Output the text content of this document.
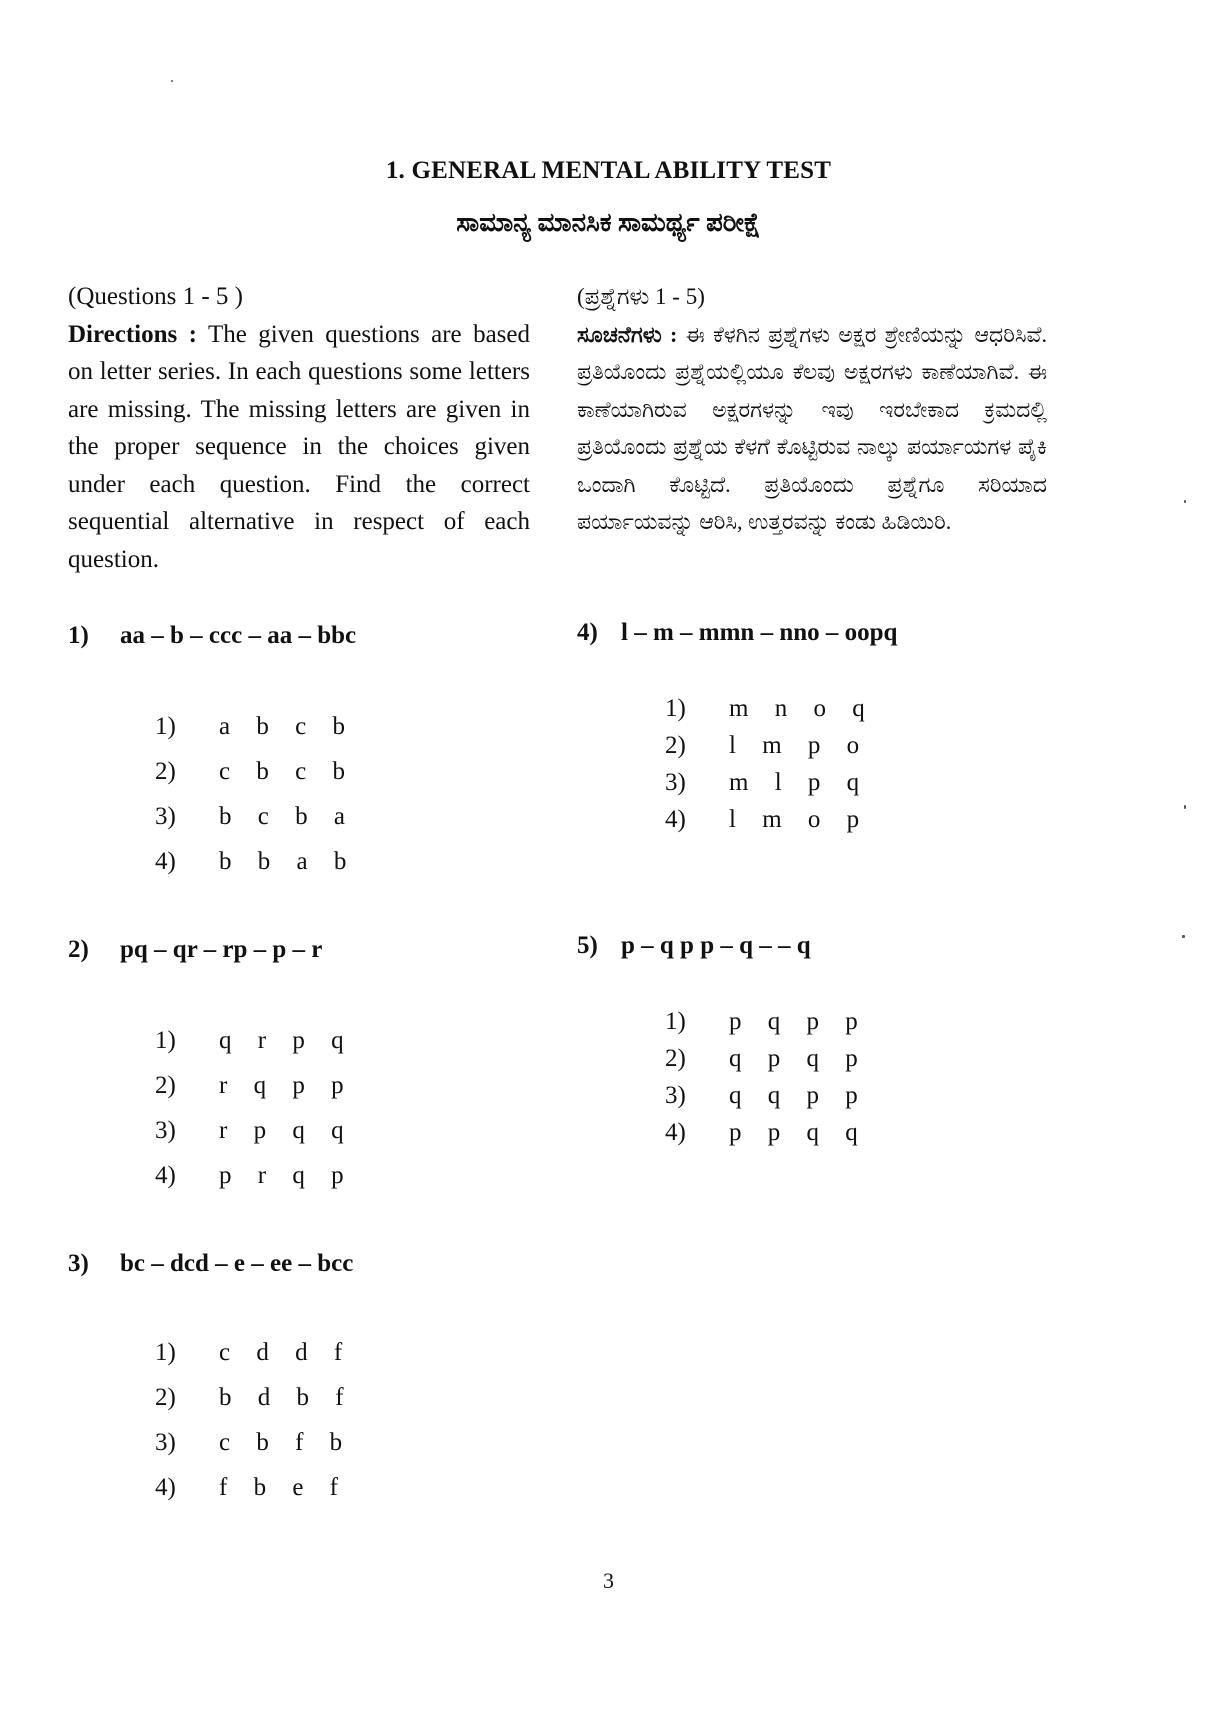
1. GENERAL MENTAL ABILITY TEST
ಸಾಮಾನ್ಯ ಮಾನಸಿಕ ಸಾಮರ್ಥ್ಯ ಪರೀಕ್ಷೆ
(Questions 1 - 5 )
Directions : The given questions are based on letter series. In each questions some letters are missing. The missing letters are given in the proper sequence in the choices given under each question. Find the correct sequential alternative in respect of each question.
(ಪ್ರಶ್ನೆಗಳು 1 - 5)
ಸೂಚನೆಗಳು : ಈ ಕೆಳಗಿನ ಪ್ರಶ್ನೆಗಳು ಅಕ್ಷರ ಶ್ರೇಣಿಯನ್ನು ಆಧರಿಸಿವೆ. ಪ್ರತಿಯೊಂದು ಪ್ರಶ್ನೆಯಲ್ಲಿಯೂ ಕೆಲವು ಅಕ್ಷರಗಳು ಕಾಣೆಯಾಗಿವೆ. ಈ ಕಾಣೆಯಾಗಿರುವ ಅಕ್ಷರಗಳನ್ನು ಇವು ಇರಬೇಕಾದ ಕ್ರಮದಲ್ಲಿ ಪ್ರತಿಯೊಂದು ಪ್ರಶ್ನೆಯ ಕೆಳಗೆ ಕೊಟ್ಟಿರುವ ನಾಲ್ಕು ಪರ್ಯಾಯಗಳ ಪೈಕಿ ಒಂದಾಗಿ ಕೊಟ್ಟಿದೆ. ಪ್ರತಿಯೊಂದು ಪ್ರಶ್ನೆಗೂ ಸರಿಯಾದ ಪರ್ಯಾಯವನ್ನು ಆರಿಸಿ, ಉತ್ತರವನ್ನು ಕಂಡು ಹಿಡಿಯಿರಿ.
1) aa – b – ccc – aa – bbc
1) a b c b
2) c b c b
3) b c b a
4) b b a b
2) pq – qr – rp – p – r
1) q r p q
2) r q p p
3) r p q q
4) p r q p
3) bc – dcd – e – ee – bcc
1) c d d f
2) b d b f
3) c b f b
4) f b e f
4) l – m – mmn – nno – oopq
1) m n o q
2) l m p o
3) m l p q
4) l m o p
5) p – q p p – q – – q
1) p q p p
2) q p q p
3) q q p p
4) p p q q
3
